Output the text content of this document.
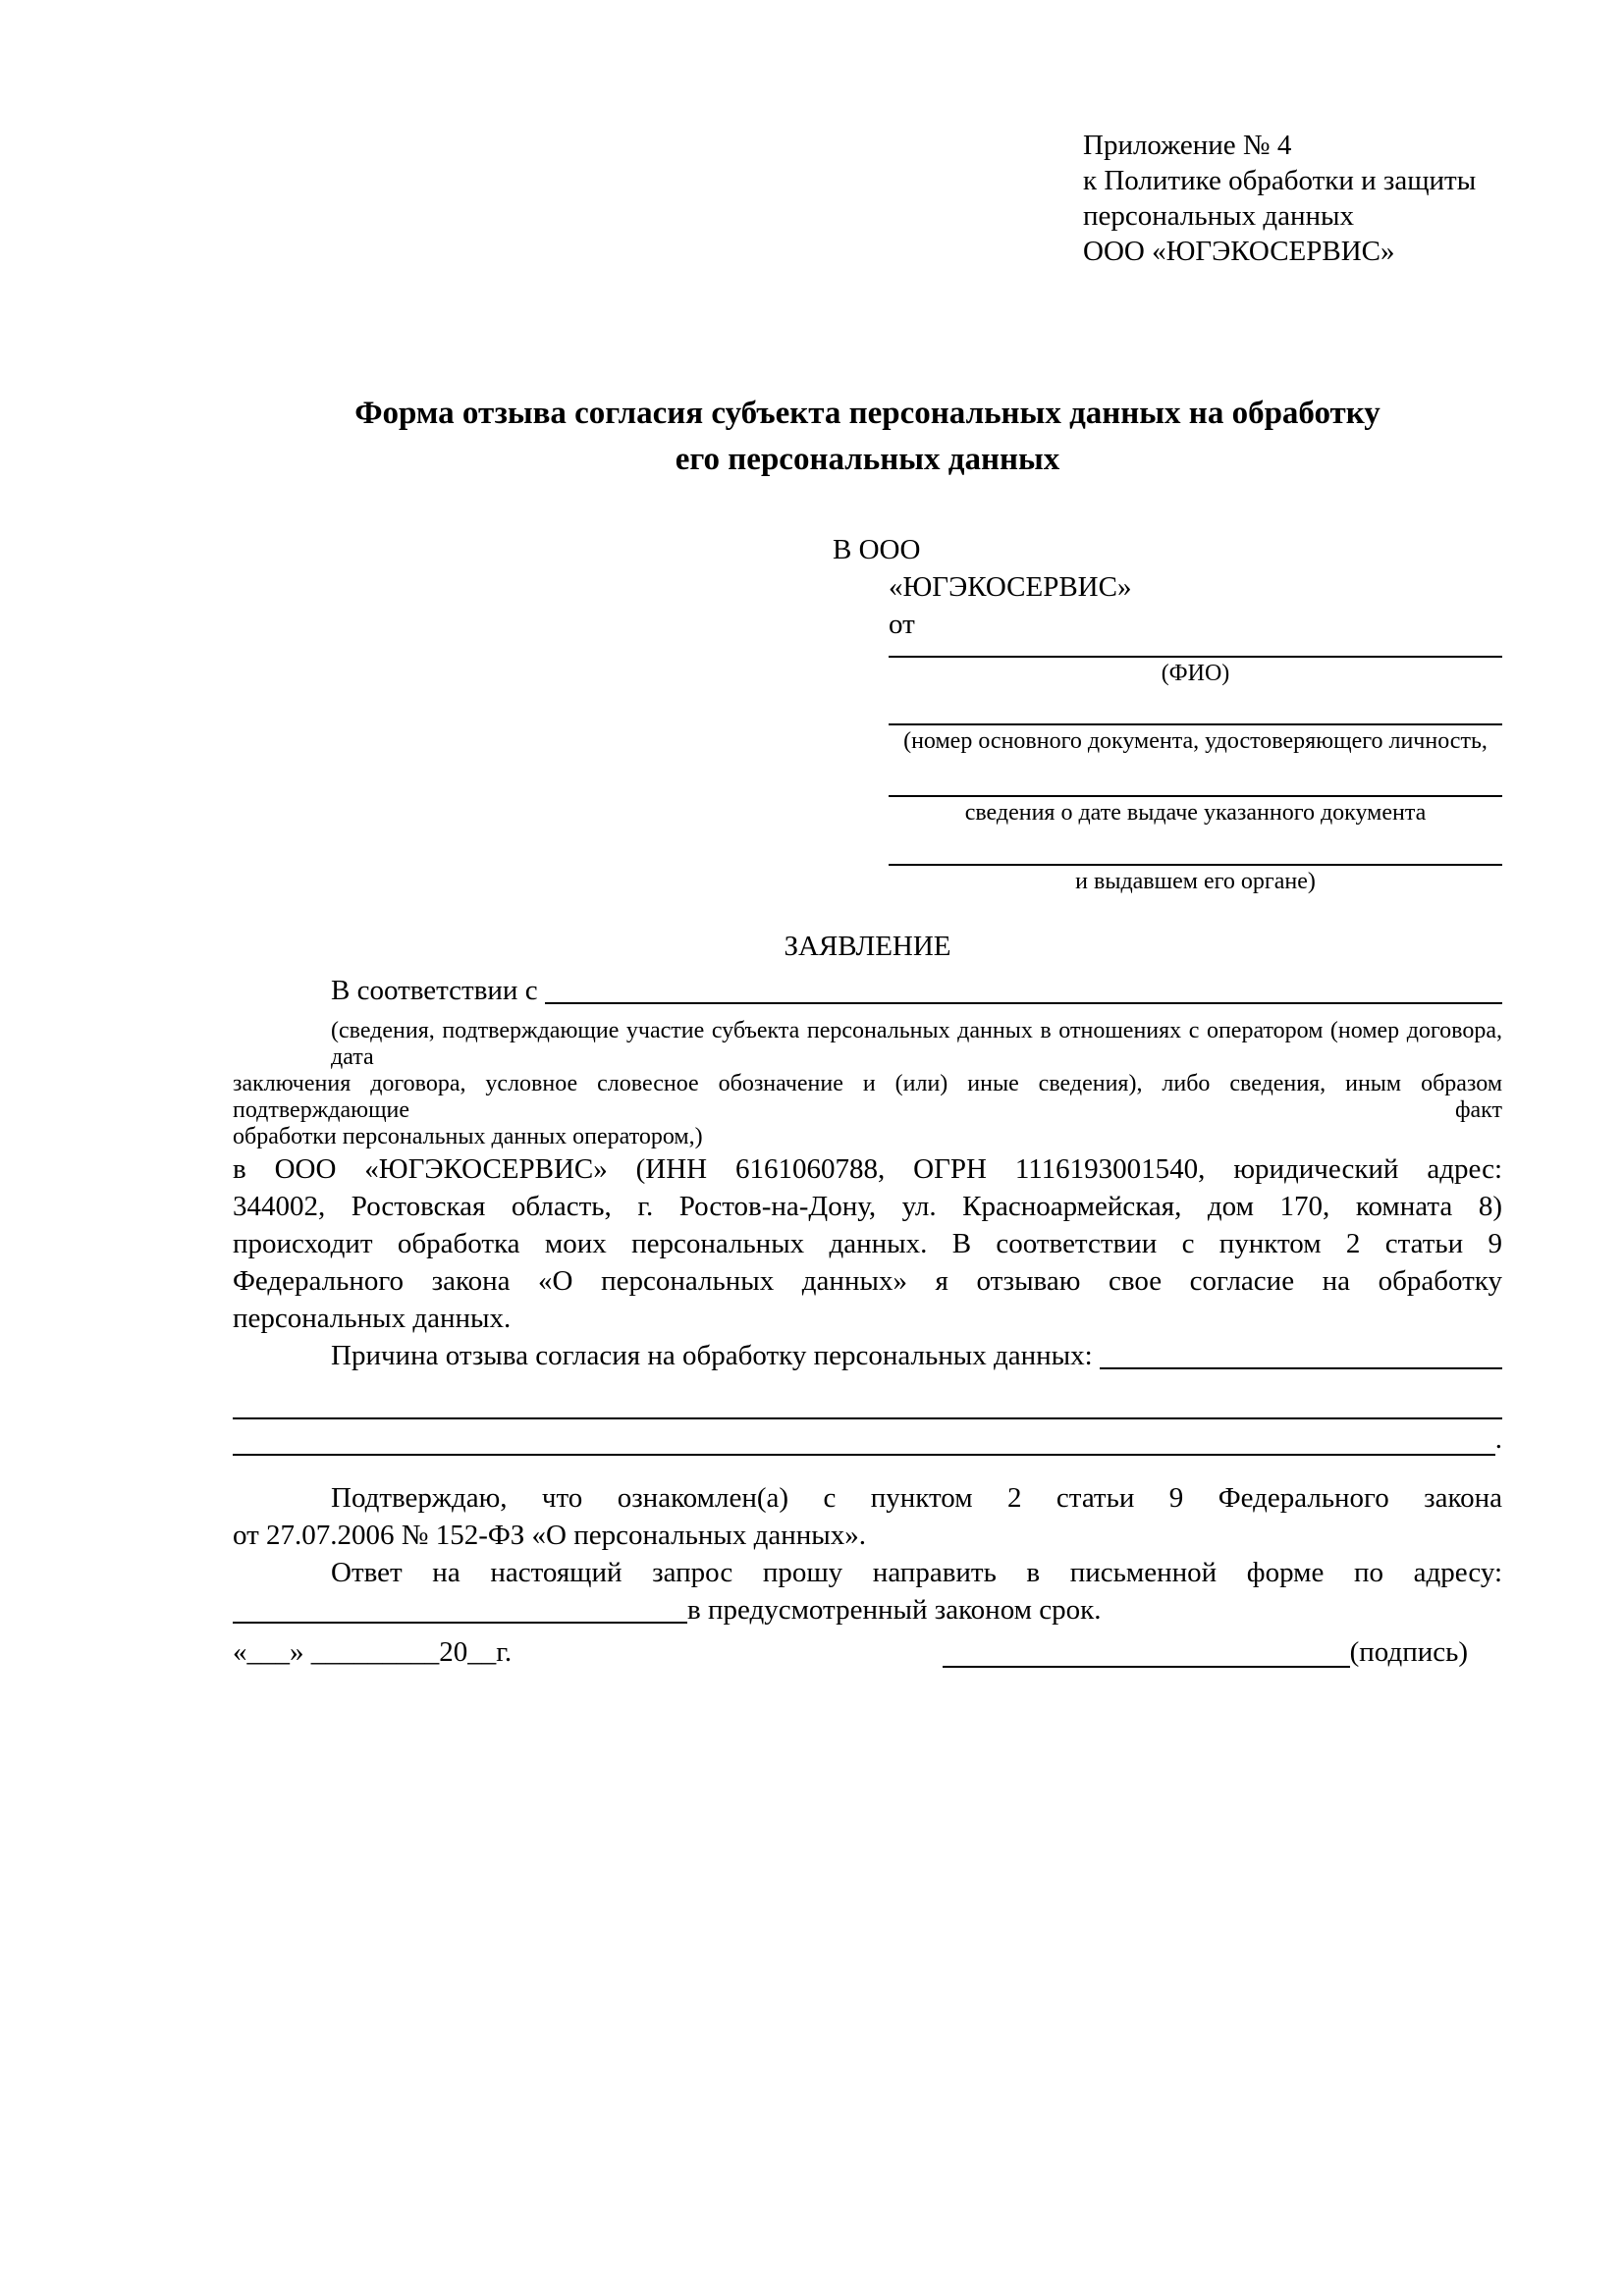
Приложение № 4
к Политике обработки и защиты
персональных данных
ООО «ЮГЭКОСЕРВИС»
Форма отзыва согласия субъекта персональных данных на обработку
его персональных данных
В ООО
«ЮГЭКОСЕРВИС»
от
(ФИО)
(номер основного документа, удостоверяющего личность,
сведения о дате выдаче указанного документа
и выдавшем его органе)
ЗАЯВЛЕНИЕ
В соответствии с
(сведения, подтверждающие участие субъекта персональных данных в отношениях с оператором (номер договора, дата
заключения договора, условное словесное обозначение и (или) иные сведения), либо сведения, иным образом подтверждающие факт
обработки персональных данных оператором,)
в ООО «ЮГЭКОСЕРВИС» (ИНН 6161060788, ОГРН 1116193001540, юридический адрес:
344002, Ростовская область, г. Ростов-на-Дону, ул. Красноармейская, дом 170, комната 8)
происходит обработка моих персональных данных. В соответствии с пунктом 2 статьи 9
Федерального закона «О персональных данных» я отзываю свое согласие на обработку
персональных данных.
Причина отзыва согласия на обработку персональных данных:
.
Подтверждаю, что ознакомлен(а) с пунктом 2 статьи 9 Федерального закона
от 27.07.2006 № 152-ФЗ «О персональных данных».
Ответ на настоящий запрос прошу направить в письменной форме по адресу:
в предусмотренный законом срок.
«___» _________20__г.	(подпись)
